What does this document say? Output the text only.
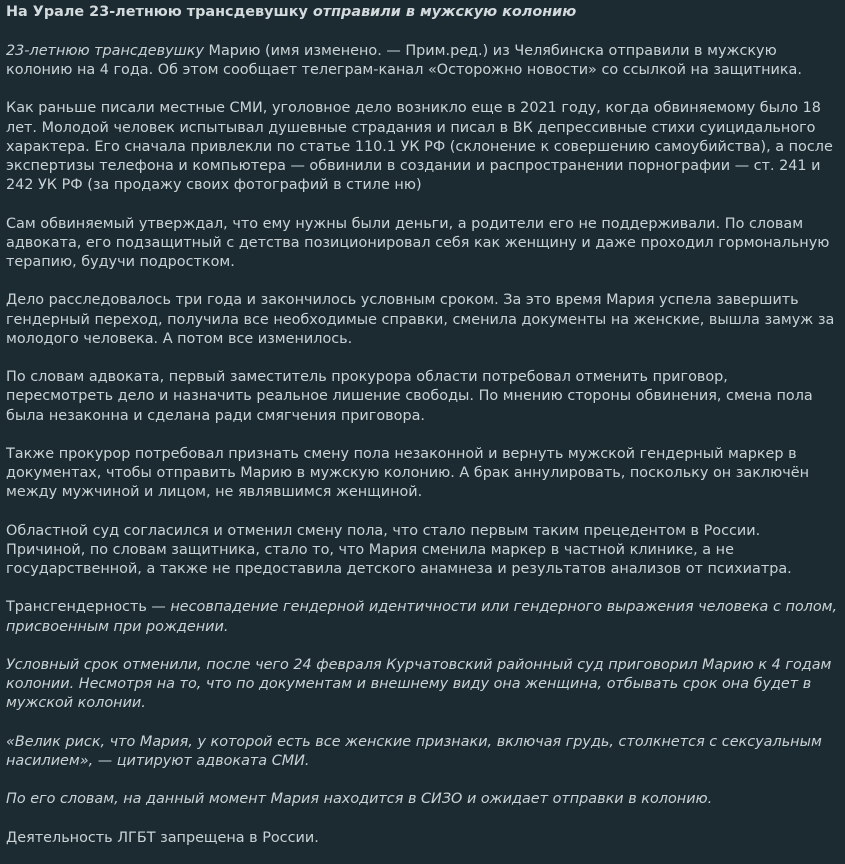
На Урале 23-летнюю трансдевушку отправили в мужскую колонию

23-летнюю трансдевушку Марию (имя изменено. — Прим.ред.) из Челябинска отправили в мужскую колонию на 4 года. Об этом сообщает телеграм-канал «Осторожно новости» со ссылкой на защитника.

Как раньше писали местные СМИ, уголовное дело возникло еще в 2021 году, когда обвиняемому было 18 лет. Молодой человек испытывал душевные страдания и писал в ВК депрессивные стихи суицидального характера. Его сначала привлекли по статье 110.1 УК РФ (склонение к совершению самоубийства), а после экспертизы телефона и компьютера — обвинили в создании и распространении порнографии — ст. 241 и 242 УК РФ (за продажу своих фотографий в стиле ню)

Сам обвиняемый утверждал, что ему нужны были деньги, а родители его не поддерживали. По словам адвоката, его подзащитный с детства позиционировал себя как женщину и даже проходил гормональную терапию, будучи подростком.

Дело расследовалось три года и закончилось условным сроком. За это время Мария успела завершить гендерный переход, получила все необходимые справки, сменила документы на женские, вышла замуж за молодого человека. А потом все изменилось.

По словам адвоката, первый заместитель прокурора области потребовал отменить приговор, пересмотреть дело и назначить реальное лишение свободы. По мнению стороны обвинения, смена пола была незаконна и сделана ради смягчения приговора.

Также прокурор потребовал признать смену пола незаконной и вернуть мужской гендерный маркер в документах, чтобы отправить Марию в мужскую колонию. А брак аннулировать, поскольку он заключён между мужчиной и лицом, не являвшимся женщиной.

Областной суд согласился и отменил смену пола, что стало первым таким прецедентом в России. Причиной, по словам защитника, стало то, что Мария сменила маркер в частной клинике, а не государственной, а также не предоставила детского анамнеза и результатов анализов от психиатра.

Трансгендерность — несовпадение гендерной идентичности или гендерного выражения человека с полом, присвоенным при рождении.

Условный срок отменили, после чего 24 февраля Курчатовский районный суд приговорил Марию к 4 годам колонии. Несмотря на то, что по документам и внешнему виду она женщина, отбывать срок она будет в мужской колонии.

«Велик риск, что Мария, у которой есть все женские признаки, включая грудь, столкнется с сексуальным насилием», — цитируют адвоката СМИ.

По его словам, на данный момент Мария находится в СИЗО и ожидает отправки в колонию.

Деятельность ЛГБТ запрещена в России.
